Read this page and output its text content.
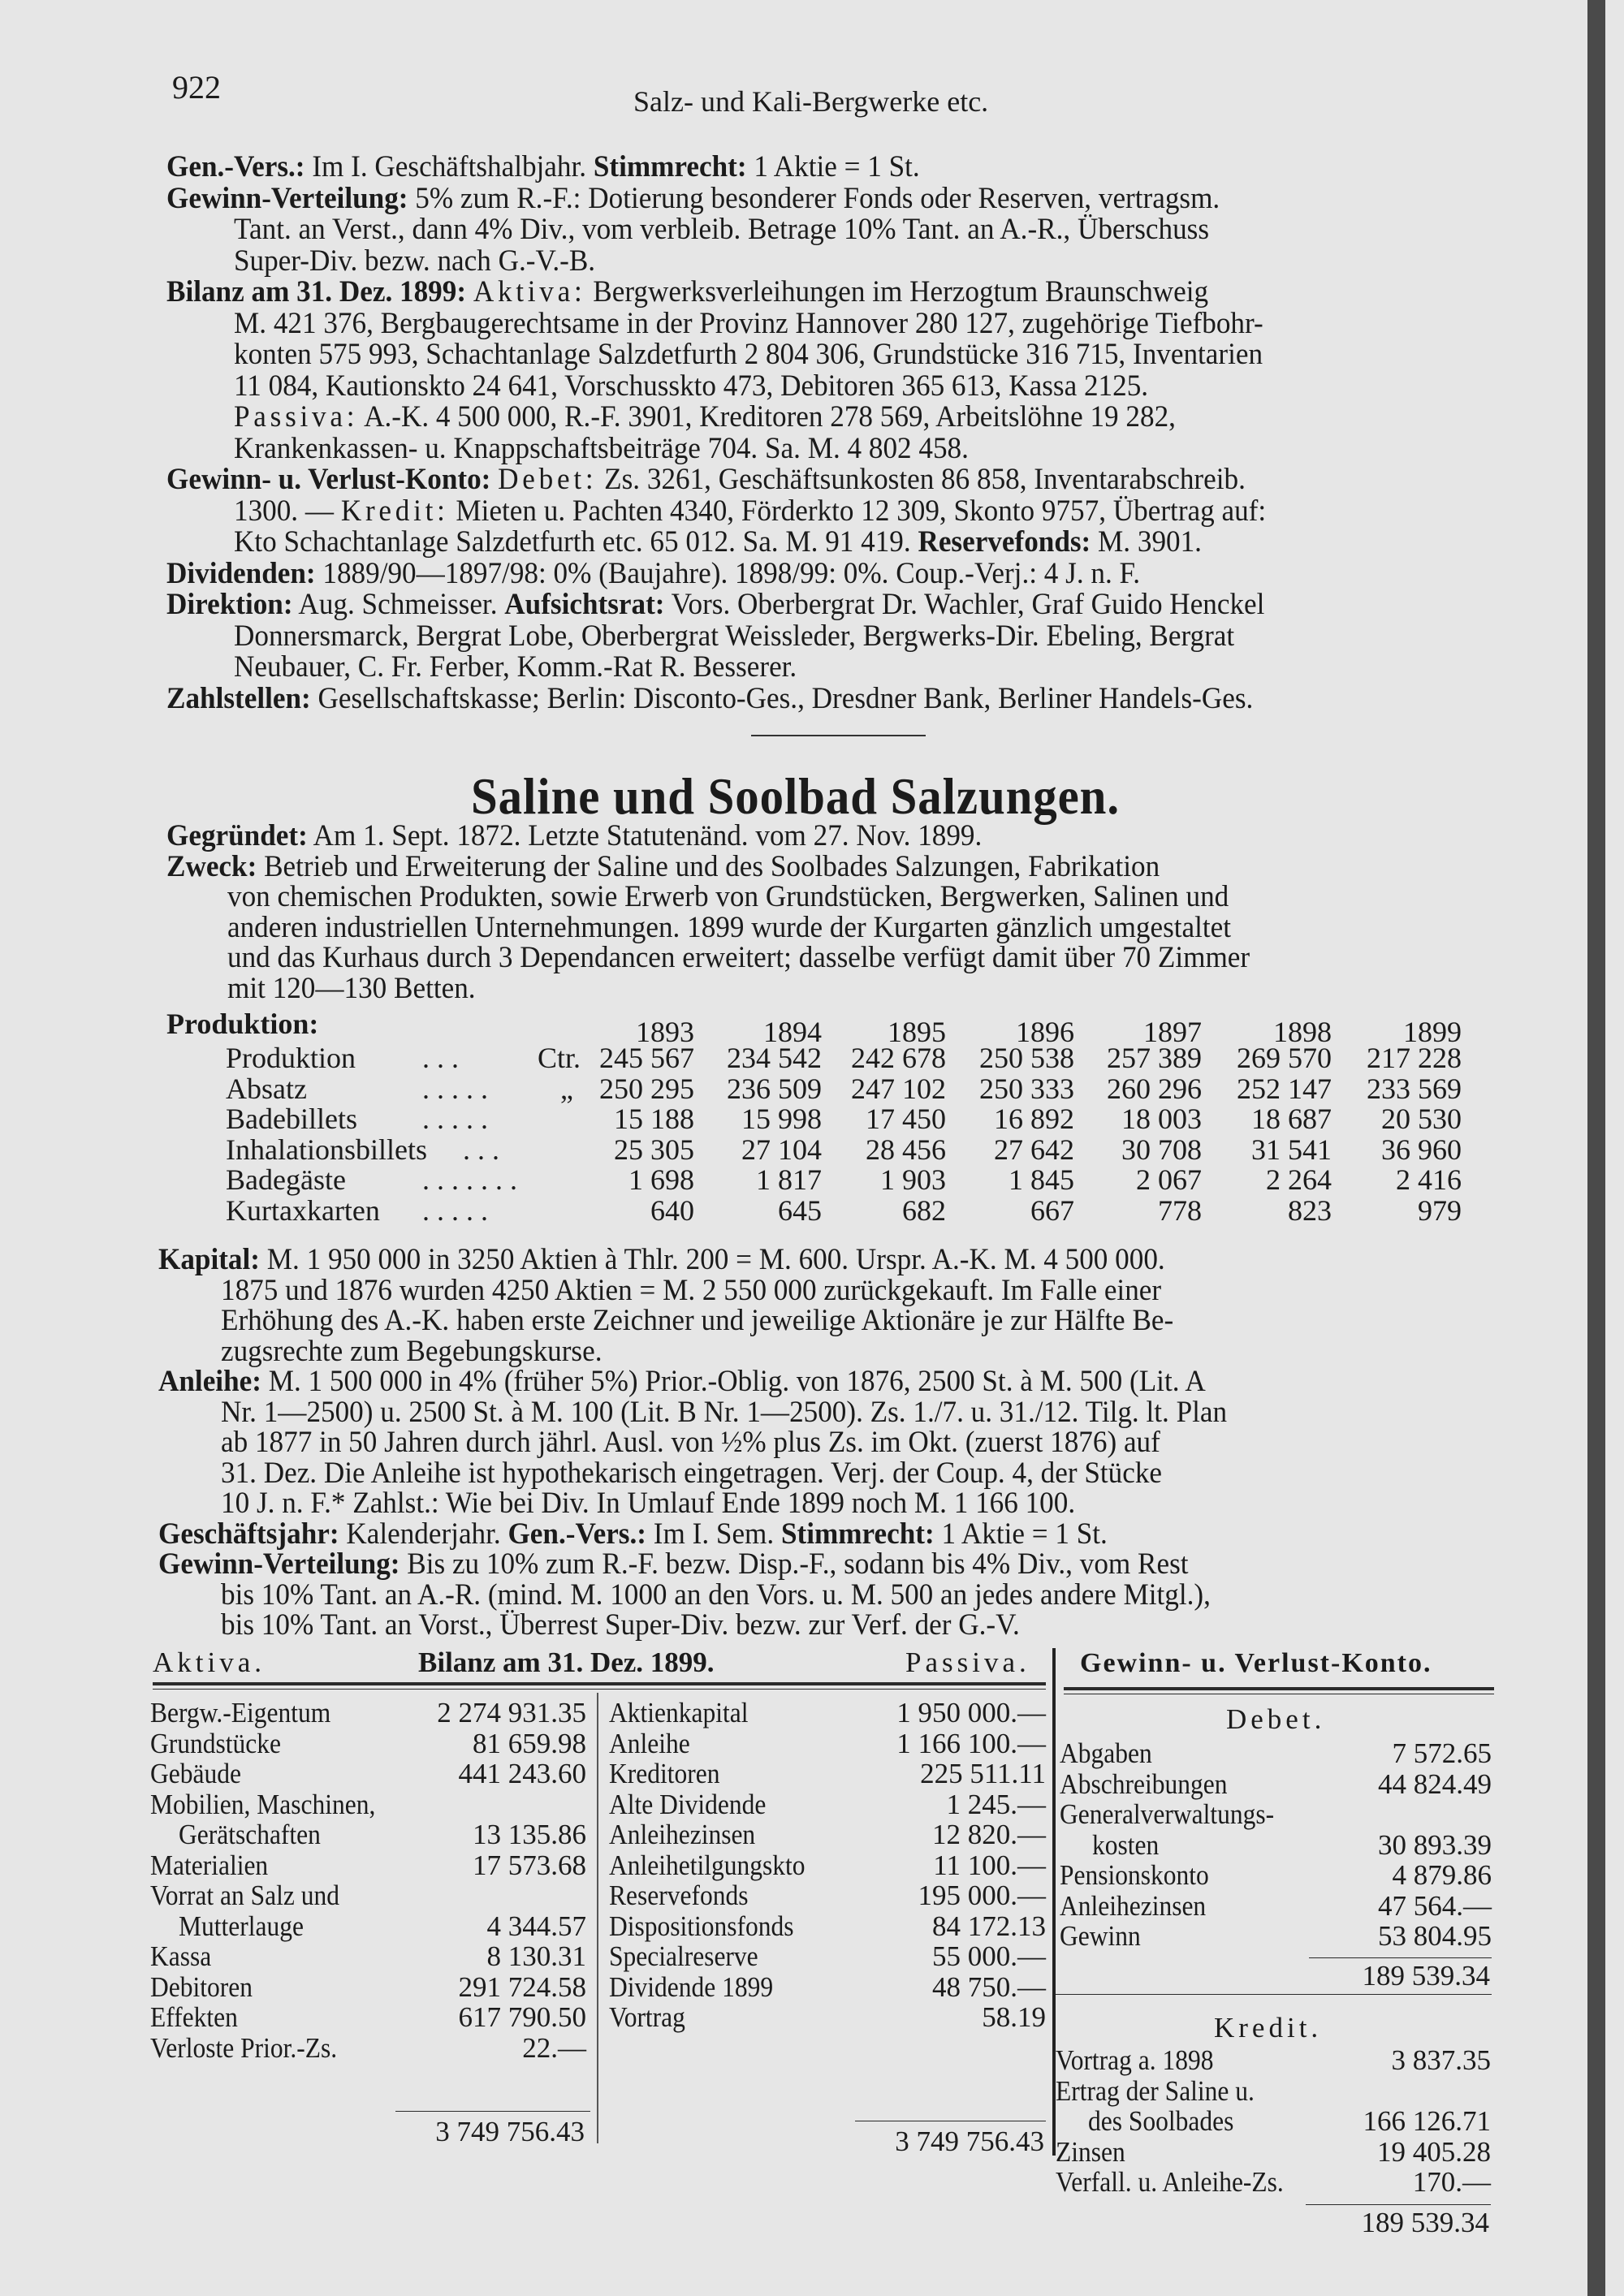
922	Salz- und Kali-Bergwerke etc.
Gen.-Vers.: Im I. Geschäftshalbjahr. Stimmrecht: 1 Aktie = 1 St.
Gewinn-Verteilung: 5% zum R.-F.: Dotierung besonderer Fonds oder Reserven, vertragsm.
Tant. an Verst., dann 4% Div., vom verbleib. Betrage 10% Tant. an A.-R., Überschuss
Super-Div. bezw. nach G.-V.-B.
Bilanz am 31. Dez. 1899: Aktiva: Bergwerksverleihungen im Herzogtum Braunschweig
M. 421 376, Bergbaugerechtsame in der Provinz Hannover 280 127, zugehörige Tiefbohr-
konten 575 993, Schachtanlage Salzdetfurth 2 804 306, Grundstücke 316 715, Inventarien
11 084, Kautionskto 24 641, Vorschusskto 473, Debitoren 365 613, Kassa 2125.
Passiva: A.-K. 4 500 000, R.-F. 3901, Kreditoren 278 569, Arbeitslöhne 19 282,
Krankenkassen- u. Knappschaftsbeiträge 704. Sa. M. 4 802 458.
Gewinn- u. Verlust-Konto: Debet: Zs. 3261, Geschäftsunkosten 86 858, Inventarabschreib.
1300. — Kredit: Mieten u. Pachten 4340, Förderkto 12 309, Skonto 9757, Übertrag auf:
Kto Schachtanlage Salzdetfurth etc. 65 012. Sa. M. 91 419. Reservefonds: M. 3901.
Dividenden: 1889/90—1897/98: 0% (Baujahre). 1898/99: 0%. Coup.-Verj.: 4 J. n. F.
Direktion: Aug. Schmeisser. Aufsichtsrat: Vors. Oberbergrat Dr. Wachler, Graf Guido Henckel
Donnersmarck, Bergrat Lobe, Oberbergrat Weissleder, Bergwerks-Dir. Ebeling, Bergrat
Neubauer, C. Fr. Ferber, Komm.-Rat R. Besserer.
Zahlstellen: Gesellschaftskasse; Berlin: Disconto-Ges., Dresdner Bank, Berliner Handels-Ges.
Saline und Soolbad Salzungen.
Gegründet: Am 1. Sept. 1872. Letzte Statutenänd. vom 27. Nov. 1899.
Zweck: Betrieb und Erweiterung der Saline und des Soolbades Salzungen, Fabrikation
von chemischen Produkten, sowie Erwerb von Grundstücken, Bergwerken, Salinen und
anderen industriellen Unternehmungen. 1899 wurde der Kurgarten gänzlich umgestaltet
und das Kurhaus durch 3 Dependancen erweitert; dasselbe verfügt damit über 70 Zimmer
mit 120—130 Betten.
Produktion:	1893	1894	1895	1896	1897	1898	1899
Produktion . . .	Ctr. 245 567	234 542	242 678	250 538	257 389	269 570	217 228
Absatz	. . . . . „ 250 295	236 509	247 102	250 333	260 296	252 147	233 569
Badebillets . . . . .	15 188	15 998	17 450	16 892	18 003	18 687	20 530
Inhalationsbillets . . .	25 305	27 104	28 456	27 642	30 708	31 541	36 960
Badegäste	. . . . . . .	1 698	1 817	1 903	1 845	2 067	2 264	2 416
Kurtaxkarten . . . . .	640	645	682	667	778	823	979
Kapital: M. 1 950 000 in 3250 Aktien à Thlr. 200 = M. 600. Urspr. A.-K. M. 4 500 000.
1875 und 1876 wurden 4250 Aktien = M. 2 550 000 zurückgekauft. Im Falle einer
Erhöhung des A.-K. haben erste Zeichner und jeweilige Aktionäre je zur Hälfte Be-
zugsrechte zum Begebungskurse.
Anleihe: M. 1 500 000 in 4% (früher 5%) Prior.-Oblig. von 1876, 2500 St. à M. 500 (Lit. A
Nr. 1—2500) u. 2500 St. à M. 100 (Lit. B Nr. 1—2500). Zs. 1./7. u. 31./12. Tilg. lt. Plan
ab 1877 in 50 Jahren durch jährl. Ausl. von ½% plus Zs. im Okt. (zuerst 1876) auf
31. Dez. Die Anleihe ist hypothekarisch eingetragen. Verj. der Coup. 4, der Stücke
10 J. n. F.* Zahlst.: Wie bei Div. In Umlauf Ende 1899 noch M. 1 166 100.
Geschäftsjahr: Kalenderjahr. Gen.-Vers.: Im I. Sem. Stimmrecht: 1 Aktie = 1 St.
Gewinn-Verteilung: Bis zu 10% zum R.-F. bezw. Disp.-F., sodann bis 4% Div., vom Rest
bis 10% Tant. an A.-R. (mind. M. 1000 an den Vors. u. M. 500 an jedes andere Mitgl.),
bis 10% Tant. an Vorst., Überrest Super-Div. bezw. zur Verf. der G.-V.
Aktiva.	Bilanz am 31. Dez. 1899.	Passiva.
Bergw.-Eigentum	2 274 931.35
Grundstücke	81 659.98
Gebäude	441 243.60
Mobilien, Maschinen,
Gerätschaften	13 135.86
Materialien	17 573.68
Vorrat an Salz und
Mutterlauge	4 344.57
Kassa	8 130.31
Debitoren	291 724.58
Effekten	617 790.50
Verloste Prior.-Zs.	22.—
Aktienkapital	1 950 000.—
Anleihe	1 166 100.—
Kreditoren	225 511.11
Alte Dividende	1 245.—
Anleihezinsen	12 820.—
Anleihetilgungskto	11 100.—
Reservefonds	195 000.—
Dispositionsfonds	84 172.13
Specialreserve	55 000.—
Dividende 1899	48 750.—
Vortrag	58.19
3 749 756.43	3 749 756.43
Gewinn- u. Verlust-Konto.
Debet.
Abgaben	7 572.65
Abschreibungen	44 824.49
Generalverwaltungs-
kosten	30 893.39
Pensionskonto	4 879.86
Anleihezinsen	47 564.—
Gewinn	53 804.95
189 539.34
Kredit.
Vortrag a. 1898	3 837.35
Ertrag der Saline u.
des Soolbades	166 126.71
Zinsen	19 405.28
Verfall. u. Anleihe-Zs.	170.—
189 539.34
